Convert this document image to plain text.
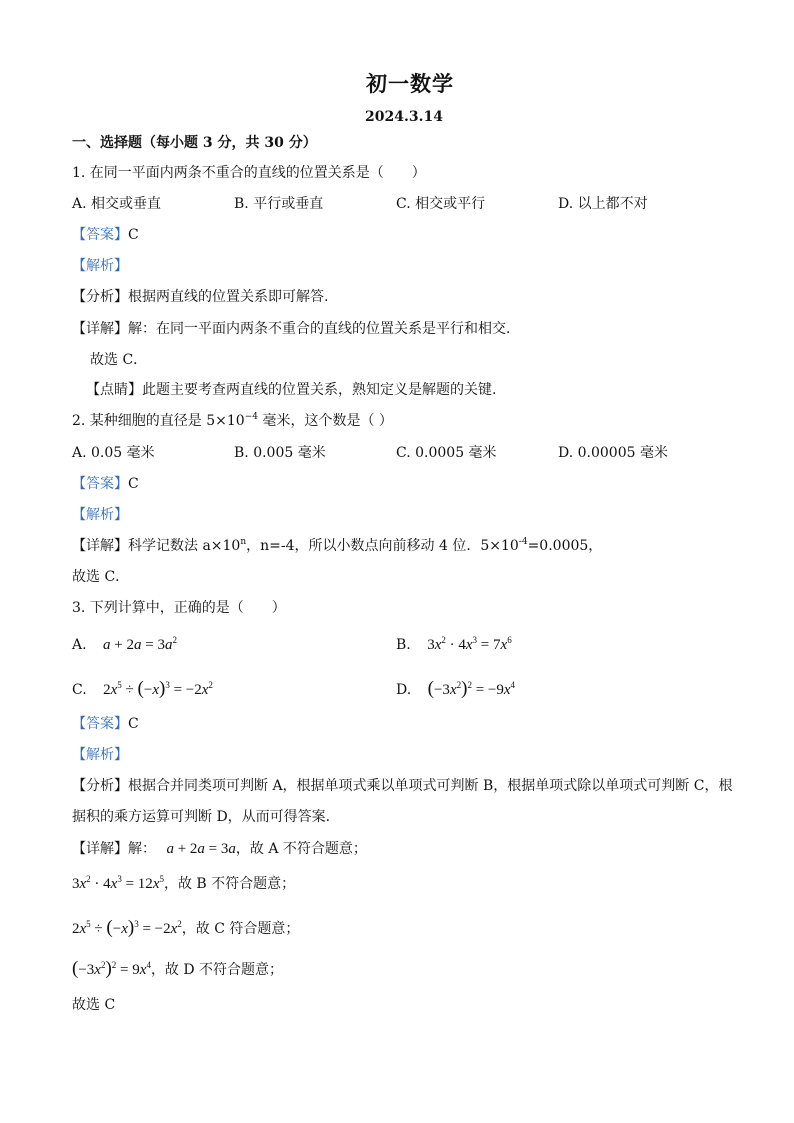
初一数学
2024.3.14
一、选择题（每小题 3 分，共 30 分）
1. 在同一平面内两条不重合的直线的位置关系是（　　）
A. 相交或垂直	B. 平行或垂直	C. 相交或平行	D. 以上都不对
【答案】C
【解析】
【分析】根据两直线的位置关系即可解答.
【详解】解：在同一平面内两条不重合的直线的位置关系是平行和相交．
故选 C．
【点睛】此题主要考查两直线的位置关系，熟知定义是解题的关键.
2. 某种细胞的直径是 $5\times 10^{-4}$ 毫米，这个数是（ ）
A. 0.05 毫米	B. 0.005 毫米	C. 0.0005 毫米	D. 0.00005 毫米
【答案】C
【解析】
【详解】科学记数法 $a\times 10^n$，n=-4，所以小数点向前移动 4 位．$5\times 10^{-4}=0.0005$，
故选 C．
3. 下列计算中，正确的是（　　）
A. $a + 2a = 3a^2$	B. $3x^2 \cdot 4x^3 = 7x^6$
C. $2x^5 \div (-x)^3 = -2x^2$	D. $(-3x^2)^2 = -9x^4$
【答案】C
【解析】
【分析】根据合并同类项可判断 A，根据单项式乘以单项式可判断 B，根据单项式除以单项式可判断 C，根
据积的乘方运算可判断 D，从而可得答案．
【详解】解： a + 2a = 3a，故 A 不符合题意；
$3x^2 \cdot 4x^3 = 12x^5$，故 B 不符合题意；
$2x^5 \div (-x)^3 = -2x^2$，故 C 符合题意；
$(-3x^2)^2 = 9x^4$，故 D 不符合题意；
故选 C
